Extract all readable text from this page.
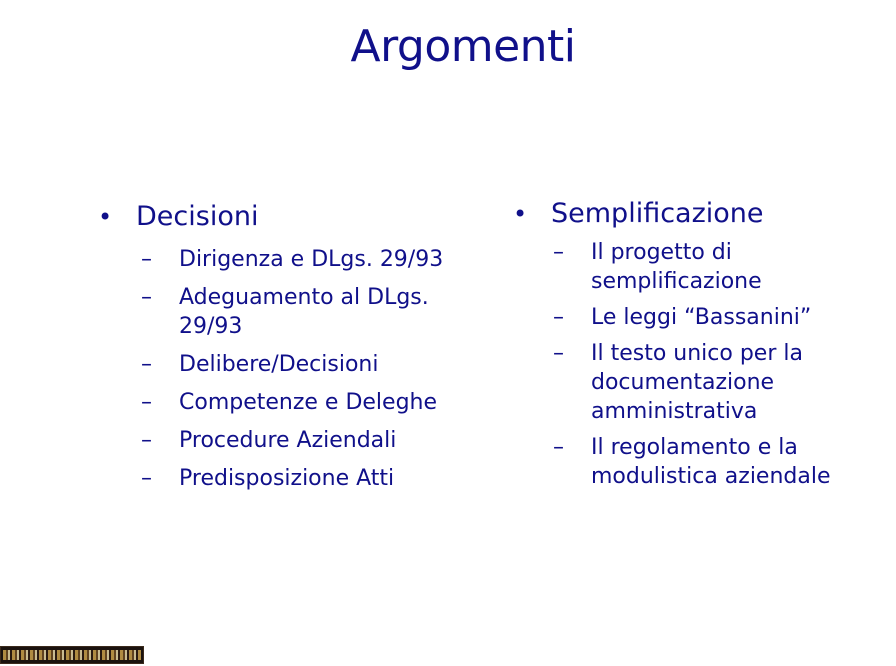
Argomenti
• Decisioni
–	Dirigenza e DLgs. 29/93
–	Adeguamento al DLgs. 29/93
–	Delibere/Decisioni
–	Competenze e Deleghe
–	Procedure Aziendali
–	Predisposizione Atti
• Semplificazione
–	Il progetto di semplificazione
–	Le leggi “Bassanini”
–	Il testo unico per la documentazione amministrativa
–	Il regolamento e la modulistica aziendale
